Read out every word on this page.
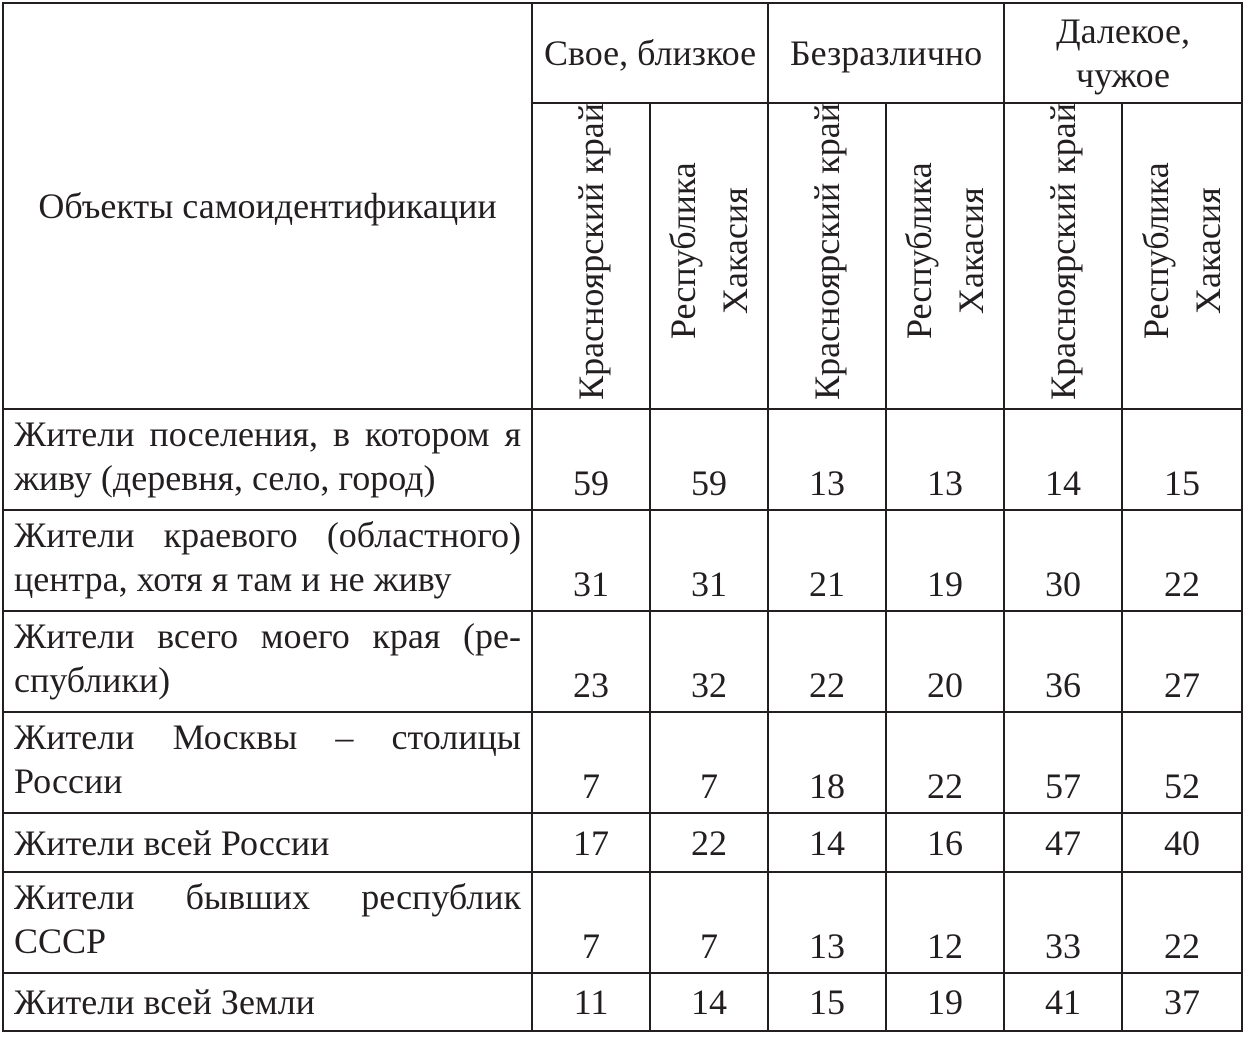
Объекты самоидентификации	Свое, близкое		Безразлично		Далекое, чужое	
	Красноярский край	Республика Хакасия	Красноярский край	Республика Хакасия	Красноярский край	Республика Хакасия
Жители поселения, в котором я живу (деревня, село, город)	59	59	13	13	14	15
Жители краевого (областного) центра, хотя я там и не живу	31	31	21	19	30	22
Жители всего моего края (ре-спублики)	23	32	22	20	36	27
Жители Москвы – столицы России	7	7	18	22	57	52
Жители всей России	17	22	14	16	47	40
Жители бывших республик СССР	7	7	13	12	33	22
Жители всей Земли	11	14	15	19	41	37
